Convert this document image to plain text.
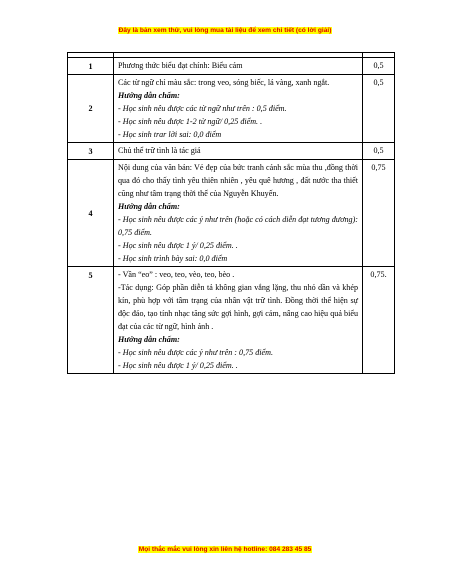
Đây là bản xem thử, vui lòng mua tài liệu để xem chi tiết (có lời giải)

1	Phương thức biểu đạt chính: Biểu cảm	0,5
2	Các từ ngữ chỉ màu sắc: trong veo, sóng biếc, lá vàng, xanh ngắt.

Hướng dẫn chấm:

- Học sinh nêu được các từ ngữ như trên : 0,5 điểm.

- Học sinh nêu được 1-2 từ ngữ/ 0,25 điểm. .

- Học sinh trar lời sai: 0,0 điểm	0,5
3	Chủ thể trữ tình là tác giả	0,5
4	Nội dung của văn bản: Vẻ đẹp của bức tranh cảnh sắc mùa thu ,đồng thời qua đó cho thấy tình yêu thiên nhiên , yêu quê hương , đất nước tha thiết cũng như tâm trạng thời thế của Nguyễn Khuyến.

Hướng dẫn chấm:

- Học sinh nêu được các ý như trên (hoặc có cách diễn đạt tương đương): 0,75 điểm.

- Học sinh nêu được 1 ý/ 0,25 điểm. .

- Học sinh trình bày sai: 0,0 điểm	0,75
5	- Vần “eo” : veo, teo, vèo, teo, bèo .

-Tác dụng: Góp phần diễn tả không gian vắng lặng, thu nhỏ dần và khép kín, phù hợp với tâm trạng của nhân vật trữ tình. Đồng thời thể hiện sự độc đáo, tạo tính nhạc tăng sức gợi hình, gợi cảm, nâng cao hiệu quả biểu đạt của các từ ngữ, hình ảnh .

Hướng dẫn chấm:

- Học sinh nêu được các ý như trên : 0,75 điểm.

- Học sinh nêu được 1 ý/ 0,25 điểm. .	0,75.
Mọi thắc mắc vui lòng xin liên hệ hotline: 084 283 45 85
